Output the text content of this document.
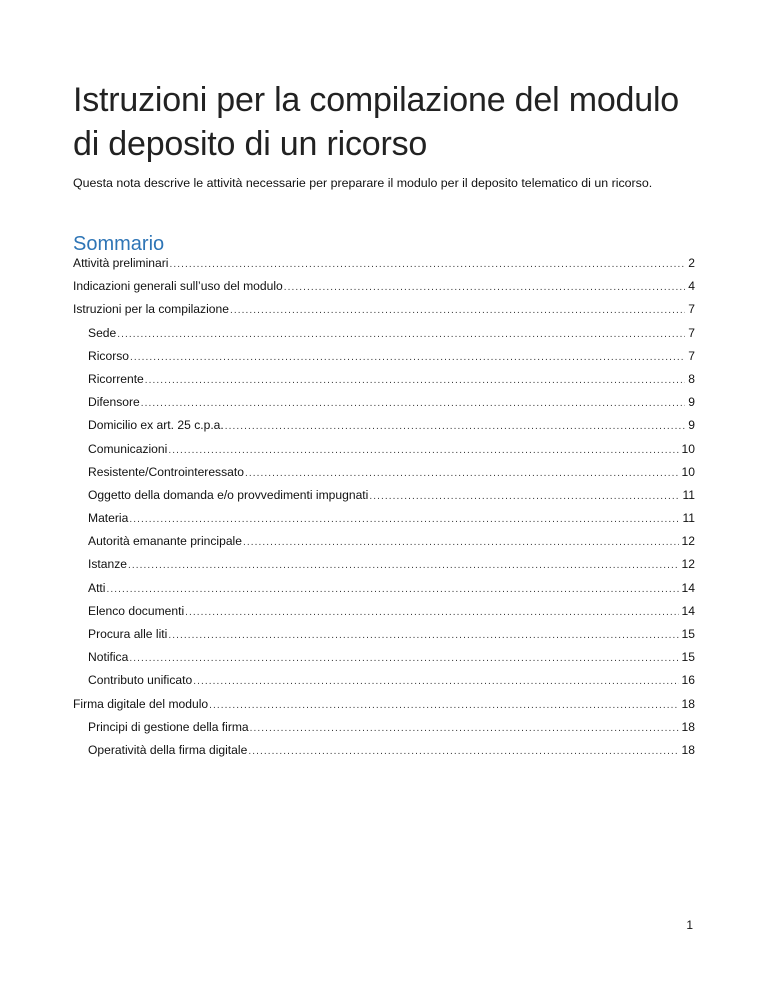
Istruzioni per la compilazione del modulo di deposito di un ricorso

Questa nota descrive le attività necessarie per preparare il modulo per il deposito telematico di un ricorso.

Sommario
Attività preliminari .....	2
Indicazioni generali sull’uso del modulo .....	4
Istruzioni per la compilazione .....	7
Sede .....	7
Ricorso .....	7
Ricorrente .....	8
Difensore .....	9
Domicilio ex art. 25 c.p.a. .....	9
Comunicazioni .....	10
Resistente/Controinteressato .....	10
Oggetto della domanda e/o provvedimenti impugnati .....	11
Materia .....	11
Autorità emanante principale .....	12
Istanze .....	12
Atti .....	14
Elenco documenti .....	14
Procura alle liti .....	15
Notifica .....	15
Contributo unificato .....	16
Firma digitale del modulo .....	18
Principi di gestione della firma .....	18
Operatività della firma digitale .....	18

1
